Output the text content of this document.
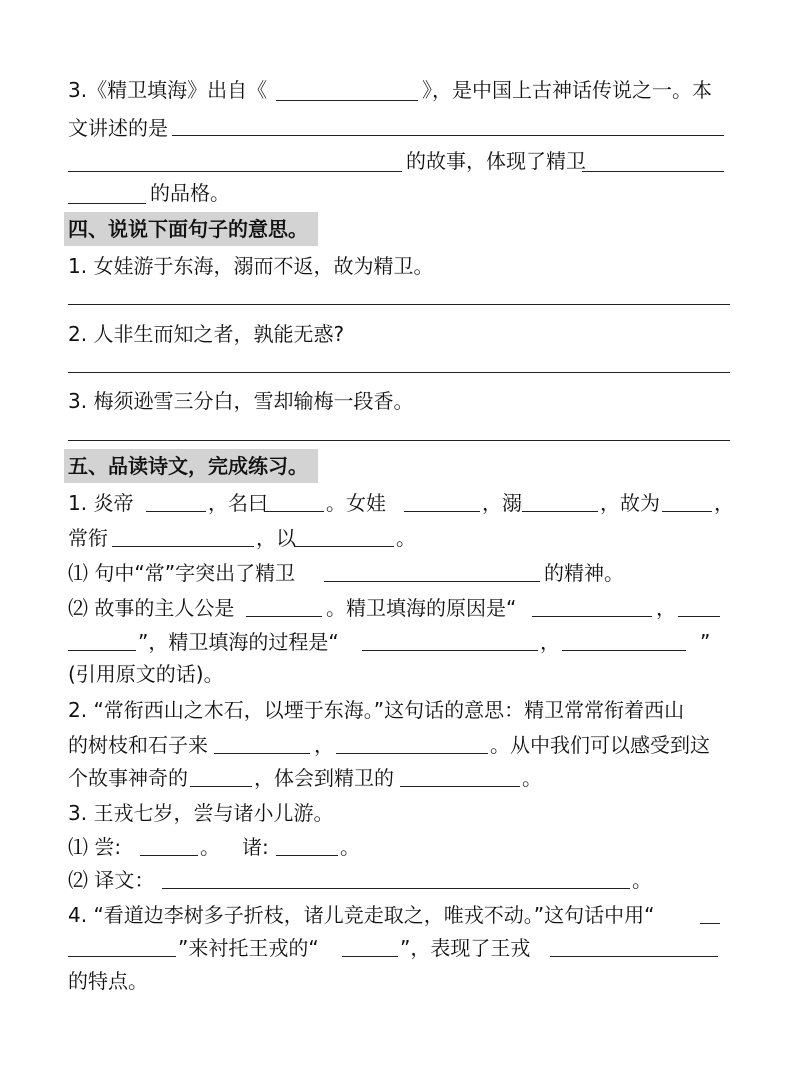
3.《精卫填海》出自《	》，是中国上古神话传说之一。本
文讲述的是
的故事，体现了精卫
的品格。
四、说说下面句子的意思。
1. 女娃游于东海，溺而不返，故为精卫。
2. 人非生而知之者，孰能无惑?
3. 梅须逊雪三分白，雪却输梅一段香。
五、品读诗文，完成练习。
1. 炎帝	，名曰	。女娃	，溺	，故为	，
常衔	，以	。
⑴ 句中“常”字突出了精卫	的精神。
⑵ 故事的主人公是	。精卫填海的原因是“	，
”，精卫填海的过程是“	，	”
(引用原文的话)。
2. “常衔西山之木石，以堙于东海。”这句话的意思：精卫常常衔着西山
的树枝和石子来	，	。从中我们可以感受到这
个故事神奇的	，体会到精卫的	。
3. 王戎七岁，尝与诸小儿游。
⑴ 尝:	。 诸:	。
⑵ 译文：	。
4. “看道边李树多子折枝，诸儿竞走取之，唯戎不动。”这句话中用“
”来衬托王戎的“	”，表现了王戎
的特点。
